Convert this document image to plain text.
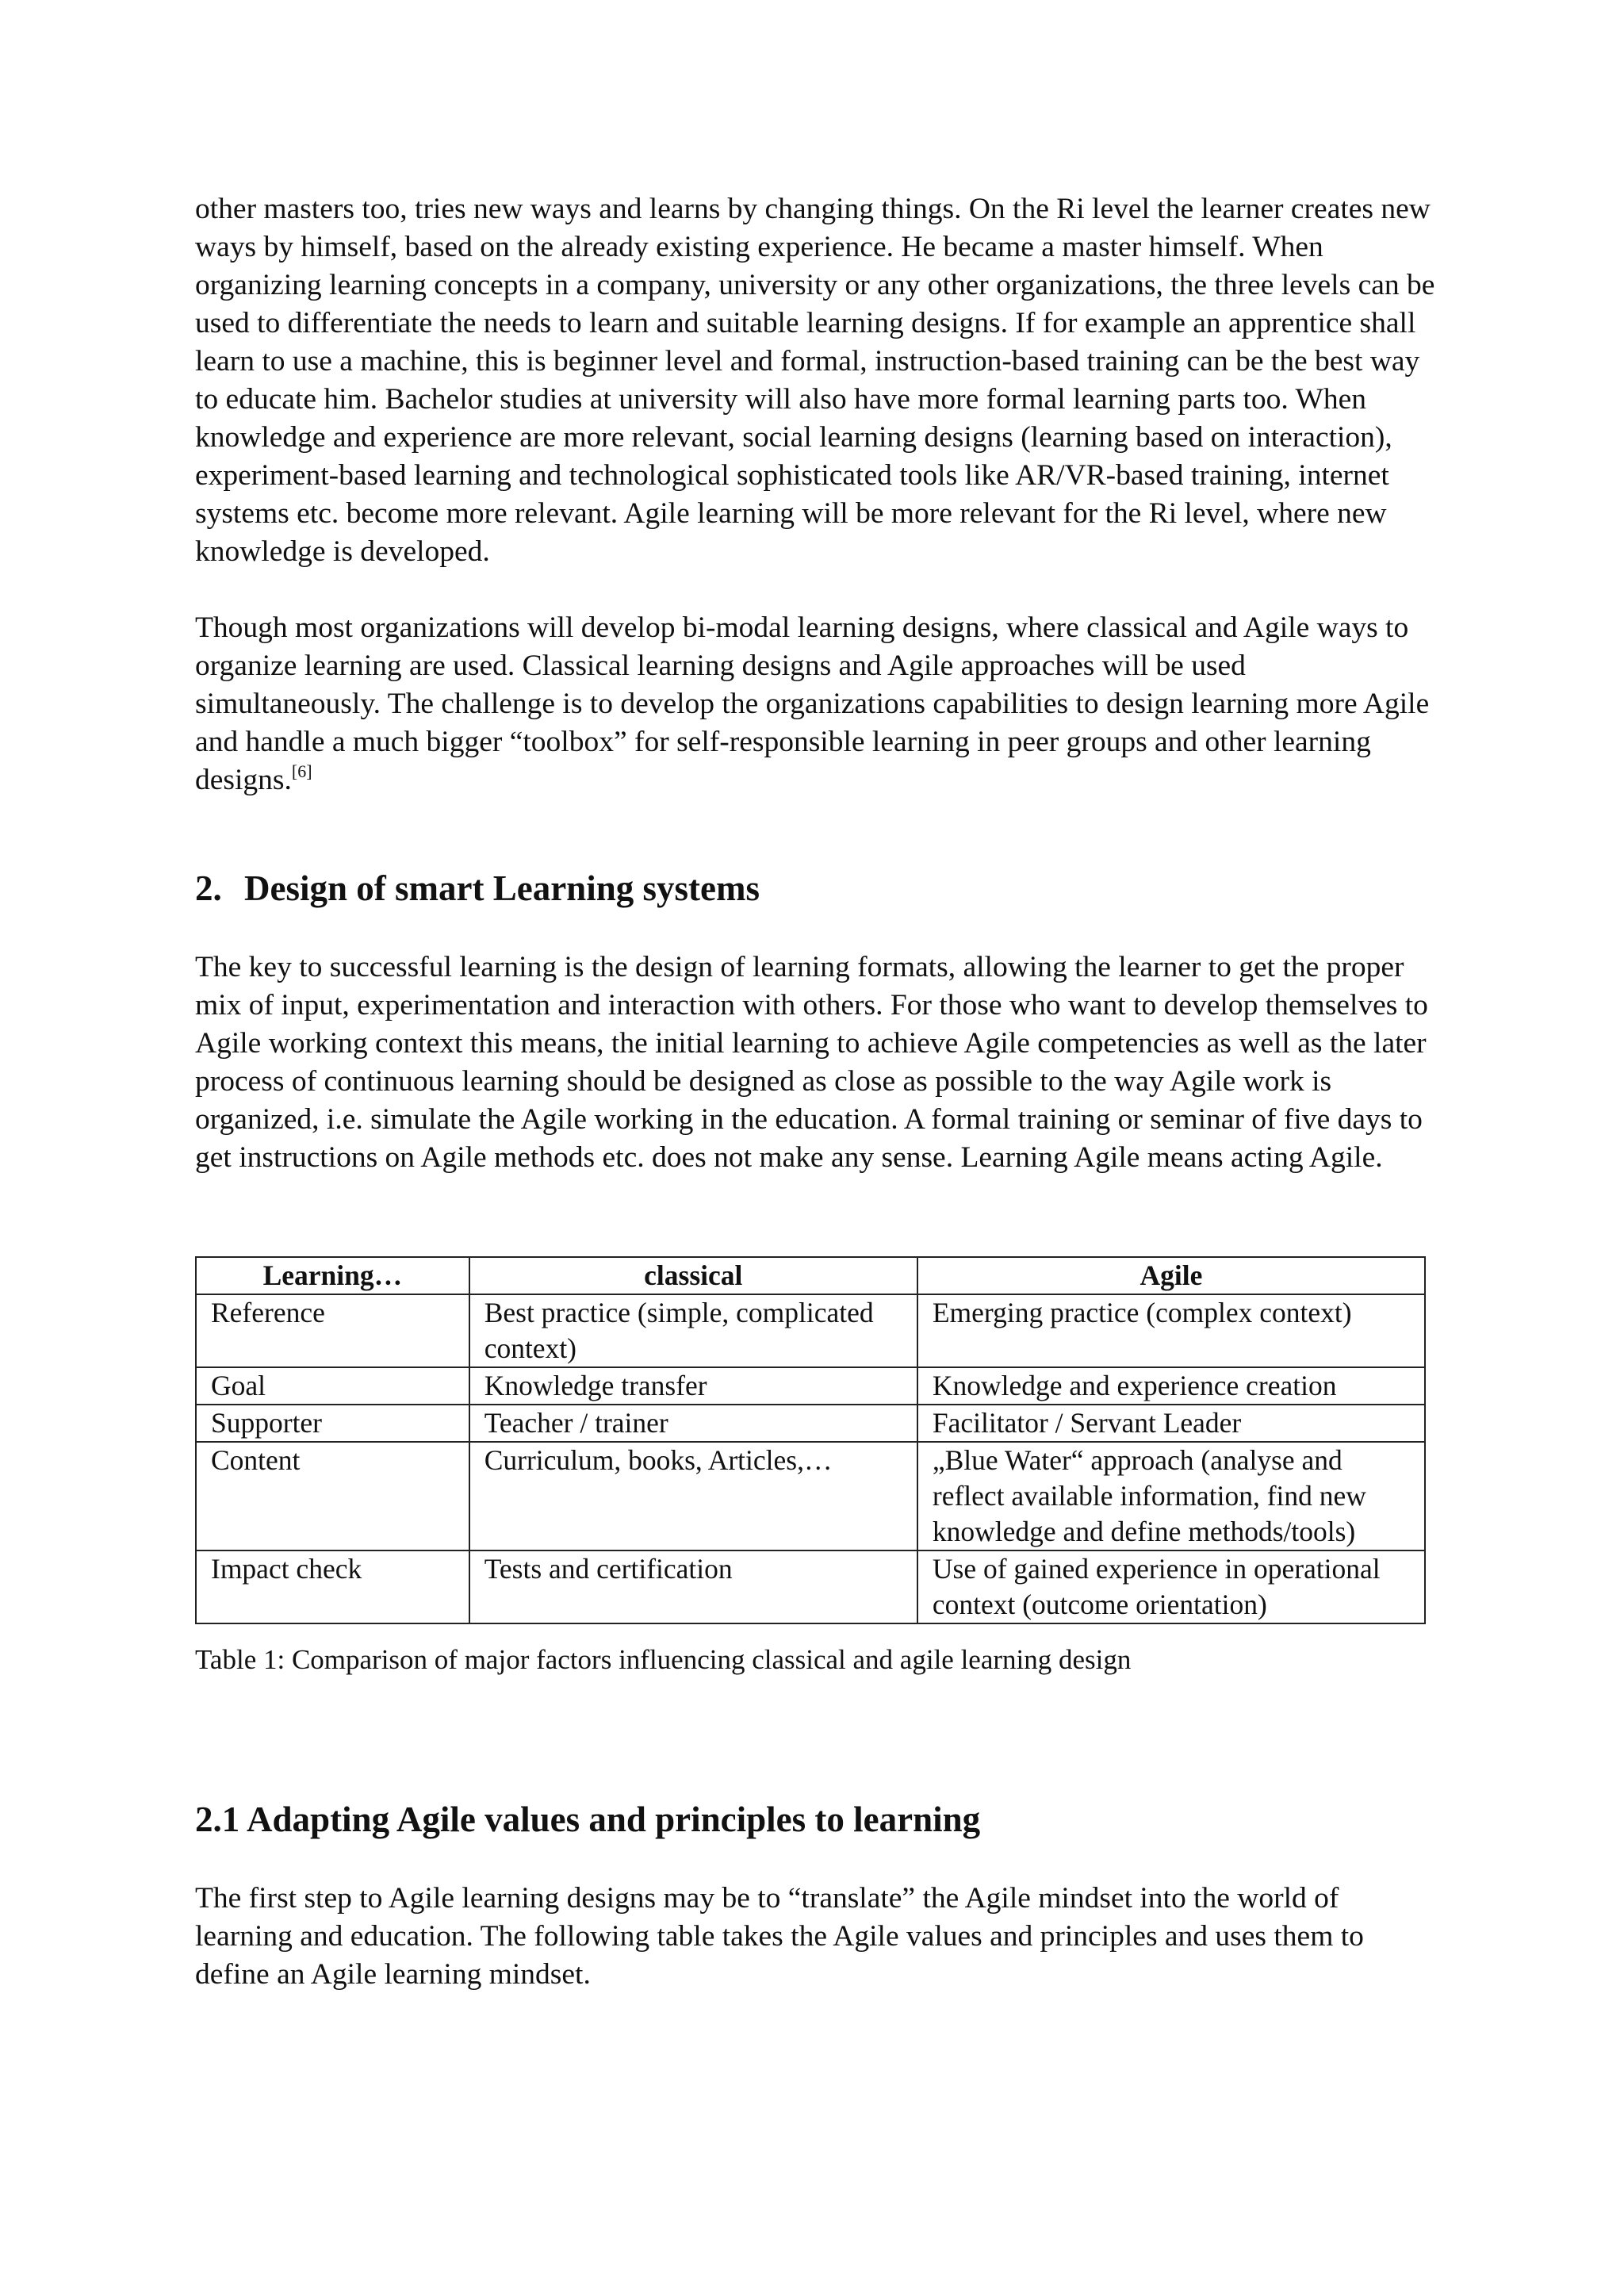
other masters too, tries new ways and learns by changing things. On the Ri level the learner creates new ways by himself, based on the already existing experience. He became a master himself. When organizing learning concepts in a company, university or any other organizations, the three levels can be used to differentiate the needs to learn and suitable learning designs. If for example an apprentice shall learn to use a machine, this is beginner level and formal, instruction-based training can be the best way to educate him. Bachelor studies at university will also have more formal learning parts too. When knowledge and experience are more relevant, social learning designs (learning based on interaction), experiment-based learning and technological sophisticated tools like AR/VR-based training, internet systems etc. become more relevant. Agile learning will be more relevant for the Ri level, where new knowledge is developed.

Though most organizations will develop bi-modal learning designs, where classical and Agile ways to organize learning are used. Classical learning designs and Agile approaches will be used simultaneously. The challenge is to develop the organizations capabilities to design learning more Agile and handle a much bigger “toolbox” for self-responsible learning in peer groups and other learning designs.[6]

2. Design of smart Learning systems

The key to successful learning is the design of learning formats, allowing the learner to get the proper mix of input, experimentation and interaction with others. For those who want to develop themselves to Agile working context this means, the initial learning to achieve Agile competencies as well as the later process of continuous learning should be designed as close as possible to the way Agile work is organized, i.e. simulate the Agile working in the education. A formal training or seminar of five days to get instructions on Agile methods etc. does not make any sense. Learning Agile means acting Agile.

Learning…	classical	Agile
Reference	Best practice (simple, complicated context)	Emerging practice (complex context)
Goal	Knowledge transfer	Knowledge and experience creation
Supporter	Teacher / trainer	Facilitator / Servant Leader
Content	Curriculum, books, Articles,…	„Blue Water“ approach (analyse and reflect available information, find new knowledge and define methods/tools)
Impact check	Tests and certification	Use of gained experience in operational context (outcome orientation)

Table 1: Comparison of major factors influencing classical and agile learning design

2.1 Adapting Agile values and principles to learning

The first step to Agile learning designs may be to “translate” the Agile mindset into the world of learning and education. The following table takes the Agile values and principles and uses them to define an Agile learning mindset.
